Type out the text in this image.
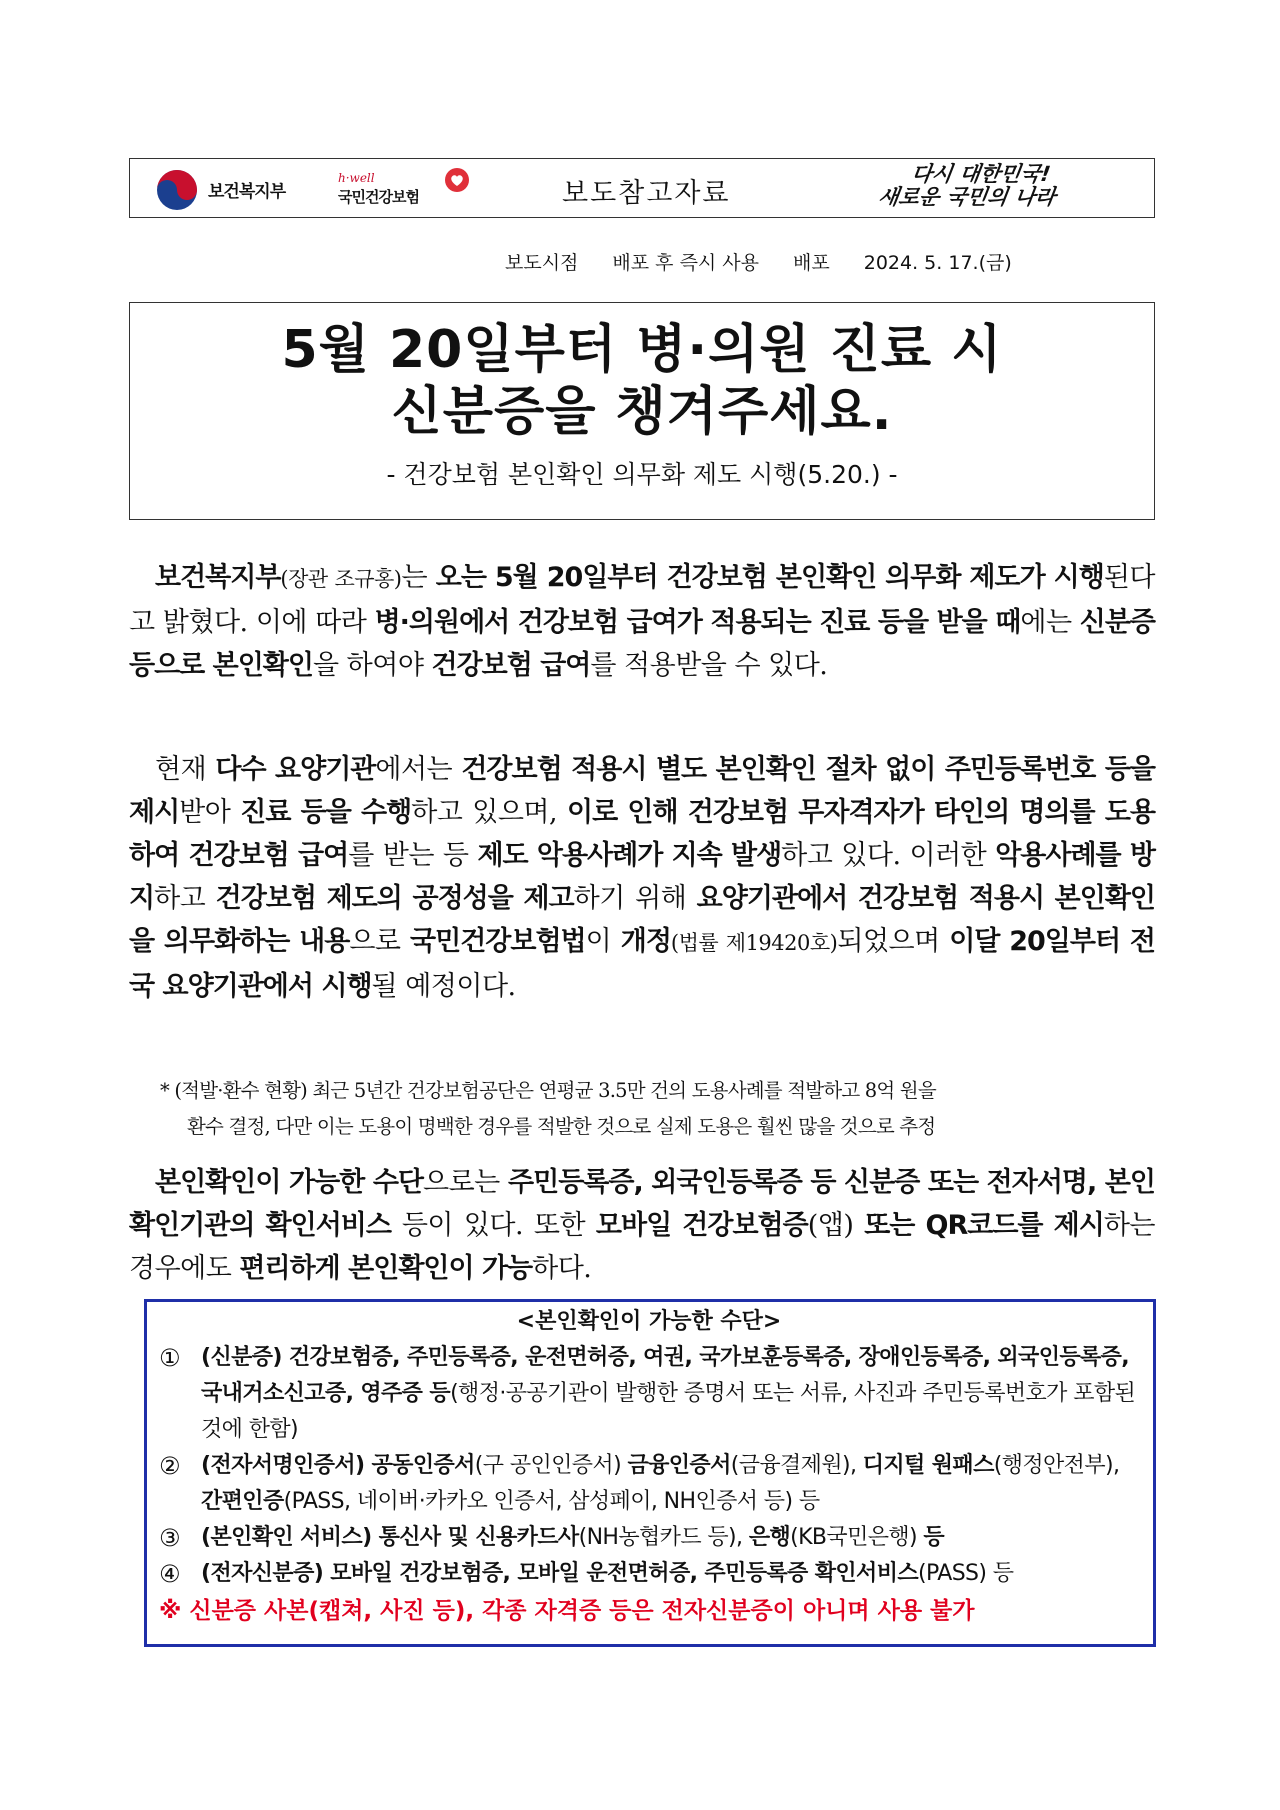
보건복지부
h·well
국민건강보험	보도참고자료
다시 대한민국!
새로운 국민의 나라
보도시점 배포 후 즉시 사용 배포 2024. 5. 17.(금)
5월 20일부터 병·의원 진료 시
신분증을 챙겨주세요.
- 건강보험 본인확인 의무화 제도 시행(5.20.) -
보건복지부(장관 조규홍)는 오는 5월 20일부터 건강보험 본인확인 의무화 제도가 시행된다고 밝혔다. 이에 따라 병·의원에서 건강보험 급여가 적용되는 진료 등을 받을 때에는 신분증 등으로 본인확인을 하여야 건강보험 급여를 적용받을 수 있다.
현재 다수 요양기관에서는 건강보험 적용시 별도 본인확인 절차 없이 주민등록번호 등을 제시받아 진료 등을 수행하고 있으며, 이로 인해 건강보험 무자격자가 타인의 명의를 도용하여 건강보험 급여를 받는 등 제도 악용사례가 지속 발생하고 있다. 이러한 악용사례를 방지하고 건강보험 제도의 공정성을 제고하기 위해 요양기관에서 건강보험 적용시 본인확인을 의무화하는 내용으로 국민건강보험법이 개정(법률 제19420호)되었으며 이달 20일부터 전국 요양기관에서 시행될 예정이다.
* (적발·환수 현황) 최근 5년간 건강보험공단은 연평균 3.5만 건의 도용사례를 적발하고 8억 원을
환수 결정, 다만 이는 도용이 명백한 경우를 적발한 것으로 실제 도용은 훨씬 많을 것으로 추정
본인확인이 가능한 수단으로는 주민등록증, 외국인등록증 등 신분증 또는 전자서명, 본인확인기관의 확인서비스 등이 있다. 또한 모바일 건강보험증(앱) 또는 QR코드를 제시하는 경우에도 편리하게 본인확인이 가능하다.
<본인확인이 가능한 수단>
① (신분증) 건강보험증, 주민등록증, 운전면허증, 여권, 국가보훈등록증, 장애인등록증, 외국인등록증, 국내거소신고증, 영주증 등(행정·공공기관이 발행한 증명서 또는 서류, 사진과 주민등록번호가 포함된 것에 한함)
② (전자서명인증서) 공동인증서(구 공인인증서) 금융인증서(금융결제원), 디지털 원패스(행정안전부), 간편인증(PASS, 네이버·카카오 인증서, 삼성페이, NH인증서 등) 등
③ (본인확인 서비스) 통신사 및 신용카드사(NH농협카드 등), 은행(KB국민은행) 등
④ (전자신분증) 모바일 건강보험증, 모바일 운전면허증, 주민등록증 확인서비스(PASS) 등
※ 신분증 사본(캡쳐, 사진 등), 각종 자격증 등은 전자신분증이 아니며 사용 불가
